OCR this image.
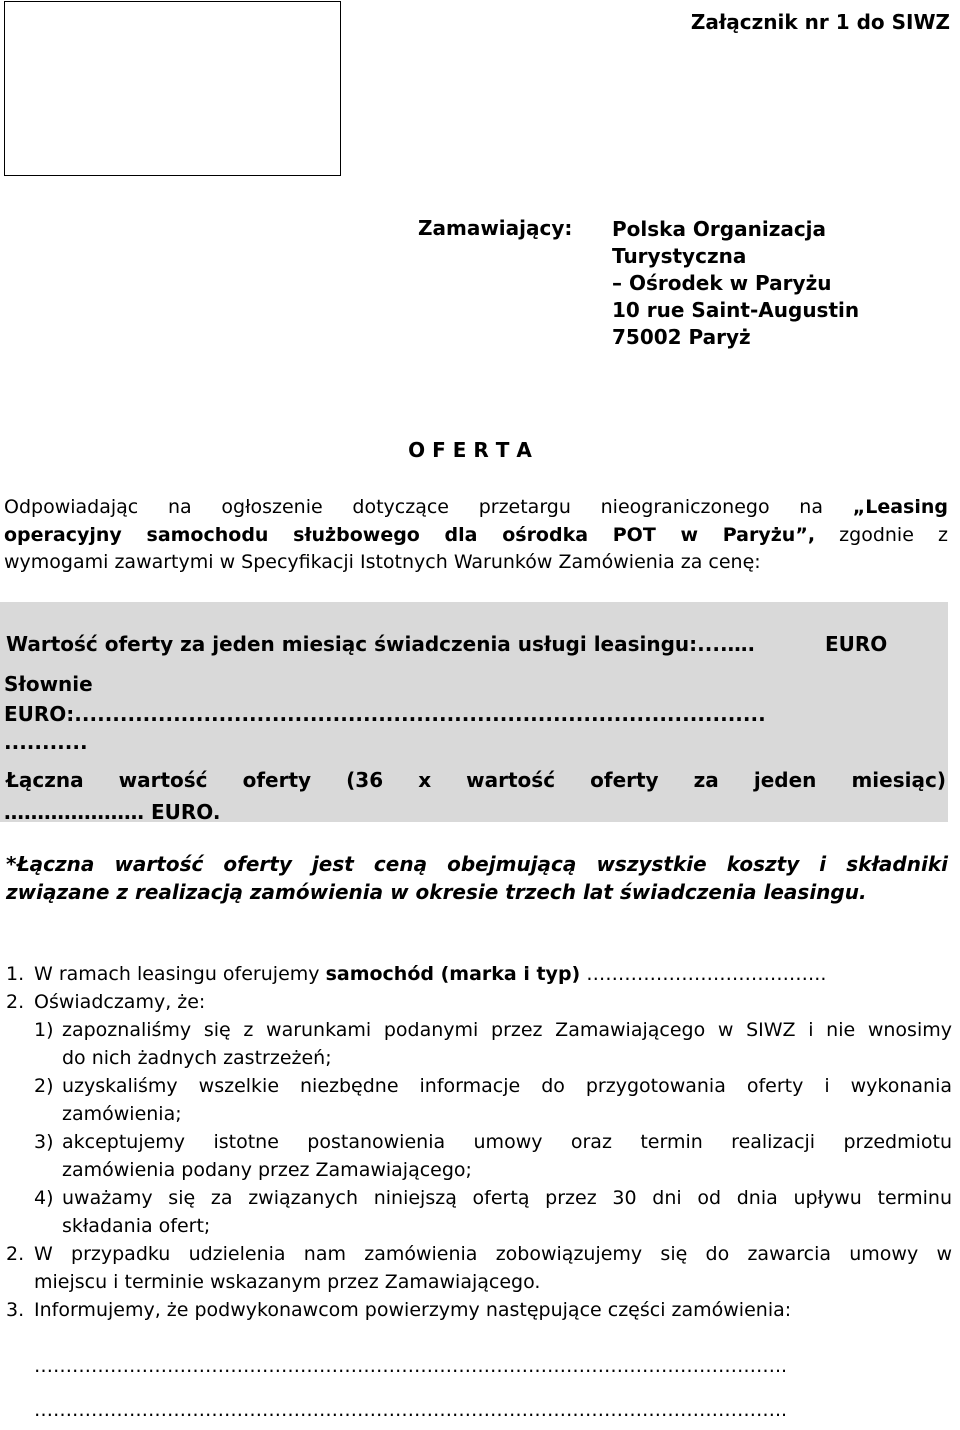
Załącznik nr 1 do SIWZ
Zamawiający: Polska Organizacja
Turystyczna
– Ośrodek w Paryżu
10 rue Saint-Augustin
75002 Paryż
O F E R T A
Odpowiadając na ogłoszenie dotyczące przetargu nieograniczonego na „Leasing
operacyjny samochodu służbowego dla ośrodka POT w Paryżu”, zgodnie z
wymogami zawartymi w Specyfikacji Istotnych Warunków Zamówienia za cenę:
Wartość oferty za jeden miesiąc świadczenia usługi leasingu:....….	EURO
Słownie
EURO:...........................................................................................
...........
Łączna wartość oferty (36 x wartość oferty za jeden miesiąc)
………………… EURO.
*Łączna wartość oferty jest ceną obejmującą wszystkie koszty i składniki
związane z realizacją zamówienia w okresie trzech lat świadczenia leasingu.
1. W ramach leasingu oferujemy samochód (marka i typ) ………………………………..
2. Oświadczamy, że:
1) zapoznaliśmy się z warunkami podanymi przez Zamawiającego w SIWZ i nie wnosimy
do nich żadnych zastrzeżeń;
2) uzyskaliśmy wszelkie niezbędne informacje do przygotowania oferty i wykonania
zamówienia;
3) akceptujemy istotne postanowienia umowy oraz termin realizacji przedmiotu
zamówienia podany przez Zamawiającego;
4) uważamy się za związanych niniejszą ofertą przez 30 dni od dnia upływu terminu
składania ofert;
2. W przypadku udzielenia nam zamówienia zobowiązujemy się do zawarcia umowy w
miejscu i terminie wskazanym przez Zamawiającego.
3. Informujemy, że podwykonawcom powierzymy następujące części zamówienia:
………………………………………………………………………………………………………..
………………………………………………………………………………………………………..
